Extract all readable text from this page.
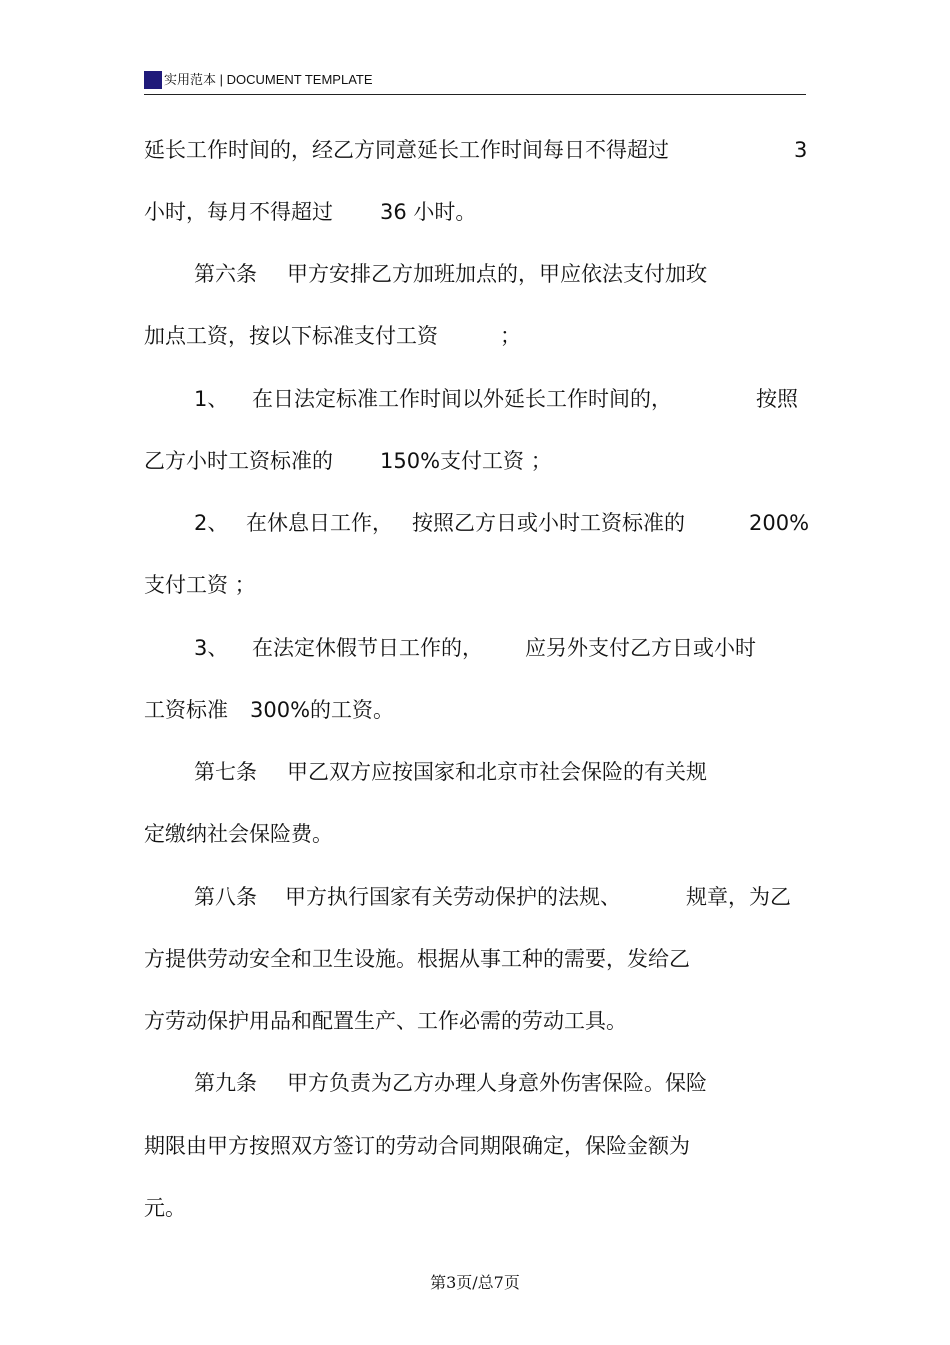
实用范本 | DOCUMENT TEMPLATE
延长工作时间的，经乙方同意延长工作时间每日不得超过	3
小时，每月不得超过 36 小时。
第六条 甲方安排乙方加班加点的，甲应依法支付加玫
加点工资，按以下标准支付工资	；
1、 在日法定标准工作时间以外延长工作时间的，	按照
乙方小时工资标准的 150%支付工资 ；
2、 在休息日工作， 按照乙方日或小时工资标准的	200%
支付工资 ；
3、 在法定休假节日工作的， 应另外支付乙方日或小时
工资标准 300%的工资。
第七条 甲乙双方应按国家和北京市社会保险的有关规
定缴纳社会保险费。
第八条 甲方执行国家有关劳动保护的法规、	规章，为乙
方提供劳动安全和卫生设施。根据从事工种的需要，发给乙
方劳动保护用品和配置生产、工作必需的劳动工具。
第九条 甲方负责为乙方办理人身意外伤害保险。保险
期限由甲方按照双方签订的劳动合同期限确定，保险金额为
元。
第3页/总7页
